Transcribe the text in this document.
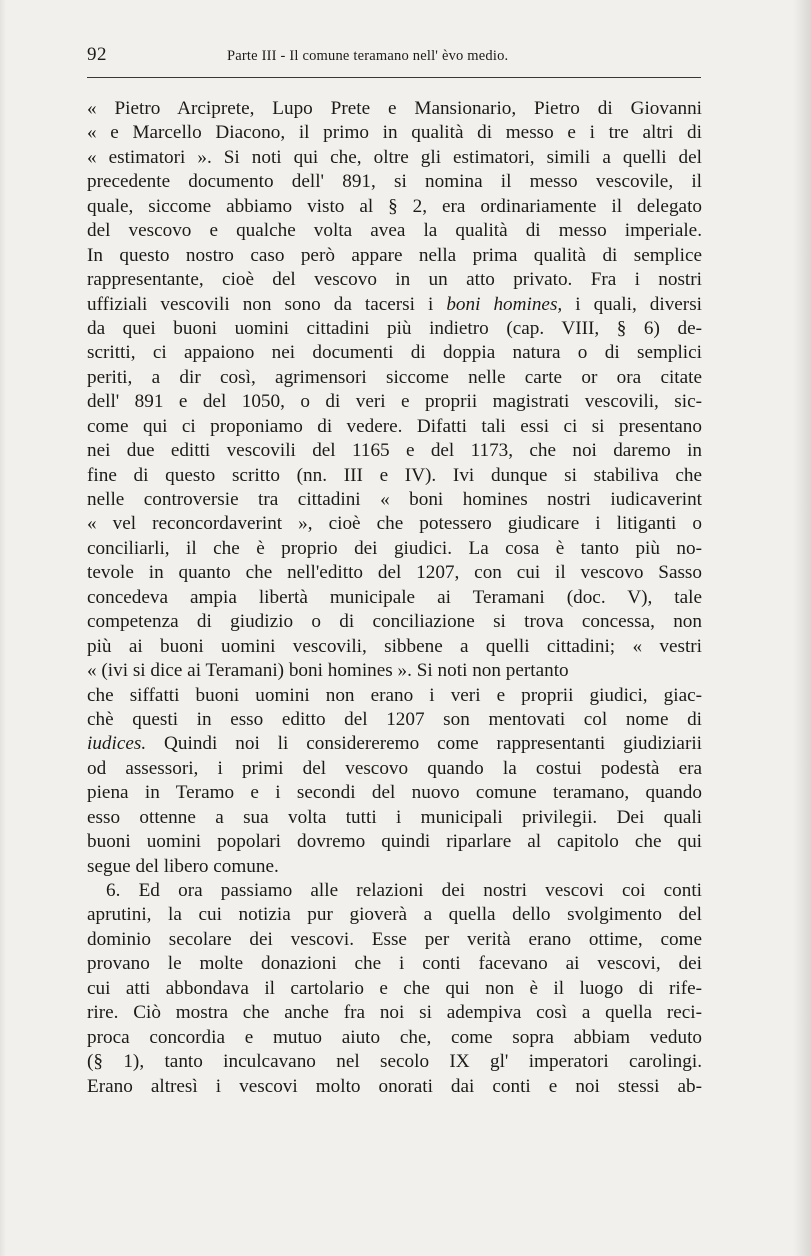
92	Parte III - Il comune teramano nell' èvo medio.
« Pietro Arciprete, Lupo Prete e Mansionario, Pietro di Giovanni
« e Marcello Diacono, il primo in qualità di messo e i tre altri di
« estimatori ». Si noti qui che, oltre gli estimatori, simili a quelli del
precedente documento dell' 891, si nomina il messo vescovile, il
quale, siccome abbiamo visto al § 2, era ordinariamente il delegato
del vescovo e qualche volta avea la qualità di messo imperiale.
In questo nostro caso però appare nella prima qualità di semplice
rappresentante, cioè del vescovo in un atto privato. Fra i nostri
uffiziali vescovili non sono da tacersi i boni homines, i quali, diversi
da quei buoni uomini cittadini più indietro (cap. VIII, § 6) de-
scritti, ci appaiono nei documenti di doppia natura o di semplici
periti, a dir così, agrimensori siccome nelle carte or ora citate
dell' 891 e del 1050, o di veri e proprii magistrati vescovili, sic-
come qui ci proponiamo di vedere. Difatti tali essi ci si presentano
nei due editti vescovili del 1165 e del 1173, che noi daremo in
fine di questo scritto (nn. III e IV). Ivi dunque si stabiliva che
nelle controversie tra cittadini « boni homines nostri iudicaverint
« vel reconcordaverint », cioè che potessero giudicare i litiganti o
conciliarli, il che è proprio dei giudici. La cosa è tanto più no-
tevole in quanto che nell'editto del 1207, con cui il vescovo Sasso
concedeva ampia libertà municipale ai Teramani (doc. V), tale
competenza di giudizio o di conciliazione si trova concessa, non
più ai buoni uomini vescovili, sibbene a quelli cittadini; « vestri
« (ivi si dice ai Teramani) boni homines ». Si noti non pertanto
che siffatti buoni uomini non erano i veri e proprii giudici, giac-
chè questi in esso editto del 1207 son mentovati col nome di
iudices. Quindi noi li considereremo come rappresentanti giudiziarii
od assessori, i primi del vescovo quando la costui podestà era
piena in Teramo e i secondi del nuovo comune teramano, quando
esso ottenne a sua volta tutti i municipali privilegii. Dei quali
buoni uomini popolari dovremo quindi riparlare al capitolo che qui
segue del libero comune.
6. Ed ora passiamo alle relazioni dei nostri vescovi coi conti
aprutini, la cui notizia pur gioverà a quella dello svolgimento del
dominio secolare dei vescovi. Esse per verità erano ottime, come
provano le molte donazioni che i conti facevano ai vescovi, dei
cui atti abbondava il cartolario e che qui non è il luogo di rife-
rire. Ciò mostra che anche fra noi si adempiva così a quella reci-
proca concordia e mutuo aiuto che, come sopra abbiam veduto
(§ 1), tanto inculcavano nel secolo IX gl' imperatori carolingi.
Erano altresì i vescovi molto onorati dai conti e noi stessi ab-
